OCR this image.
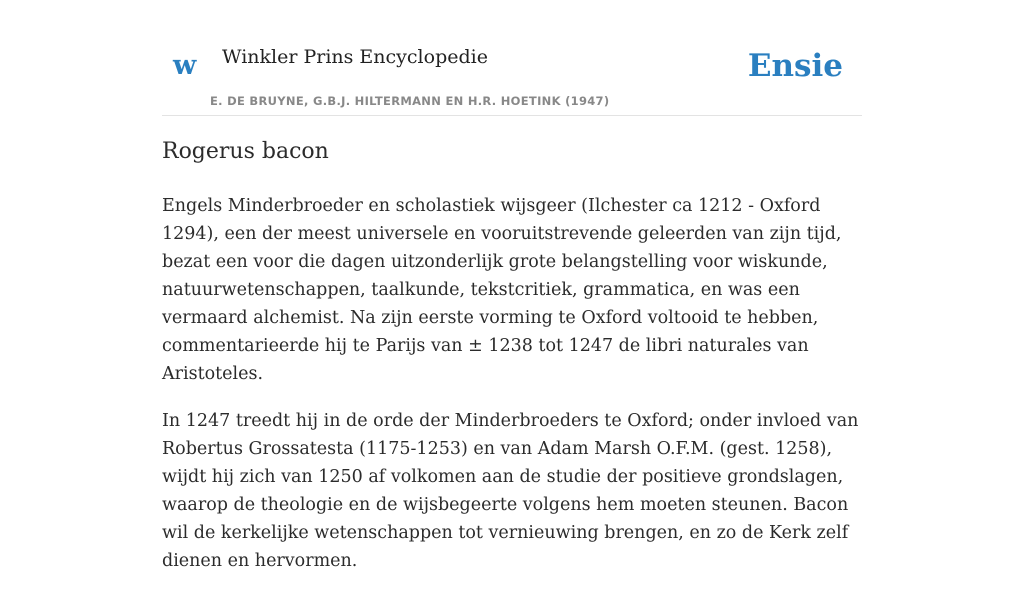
w Winkler Prins Encyclopedie
E. DE BRUYNE, G.B.J. HILTERMANN EN H.R. HOETINK (1947)
Ensie
Rogerus bacon

Engels Minderbroeder en scholastiek wijsgeer (Ilchester ca 1212 - Oxford 1294), een der meest universele en vooruitstrevende geleerden van zijn tijd, bezat een voor die dagen uitzonderlijk grote belangstelling voor wiskunde, natuurwetenschappen, taalkunde, tekstcritiek, grammatica, en was een vermaard alchemist. Na zijn eerste vorming te Oxford voltooid te hebben, commentarieerde hij te Parijs van ± 1238 tot 1247 de libri naturales van Aristoteles.

In 1247 treedt hij in de orde der Minderbroeders te Oxford; onder invloed van Robertus Grossatesta (1175-1253) en van Adam Marsh O.F.M. (gest. 1258), wijdt hij zich van 1250 af volkomen aan de studie der positieve grondslagen, waarop de theologie en de wijsbegeerte volgens hem moeten steunen. Bacon wil de kerkelijke wetenschappen tot vernieuwing brengen, en zo de Kerk zelf dienen en hervormen.
